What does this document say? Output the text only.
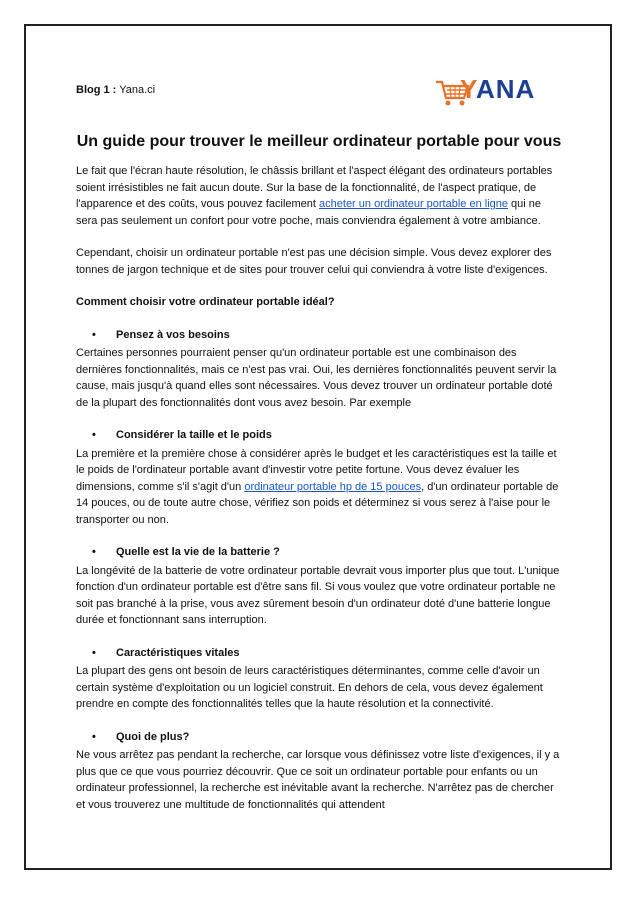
Blog 1 : Yana.ci	YANA
Un guide pour trouver le meilleur ordinateur portable pour vous

Le fait que l'écran haute résolution, le châssis brillant et l'aspect élégant des ordinateurs portables soient irrésistibles ne fait aucun doute. Sur la base de la fonctionnalité, de l'aspect pratique, de l'apparence et des coûts, vous pouvez facilement acheter un ordinateur portable en ligne qui ne sera pas seulement un confort pour votre poche, mais conviendra également à votre ambiance.

Cependant, choisir un ordinateur portable n'est pas une décision simple. Vous devez explorer des tonnes de jargon technique et de sites pour trouver celui qui conviendra à votre liste d'exigences.

Comment choisir votre ordinateur portable idéal?
• Pensez à vos besoins
Certaines personnes pourraient penser qu'un ordinateur portable est une combinaison des dernières fonctionnalités, mais ce n'est pas vrai. Oui, les dernières fonctionnalités peuvent servir la cause, mais jusqu'à quand elles sont nécessaires. Vous devez trouver un ordinateur portable doté de la plupart des fonctionnalités dont vous avez besoin. Par exemple
• Considérer la taille et le poids
La première et la première chose à considérer après le budget et les caractéristiques est la taille et le poids de l'ordinateur portable avant d'investir votre petite fortune. Vous devez évaluer les dimensions, comme s'il s'agit d'un ordinateur portable hp de 15 pouces, d'un ordinateur portable de 14 pouces, ou de toute autre chose, vérifiez son poids et déterminez si vous serez à l'aise pour le transporter ou non.
• Quelle est la vie de la batterie ?
La longévité de la batterie de votre ordinateur portable devrait vous importer plus que tout. L'unique fonction d'un ordinateur portable est d'être sans fil. Si vous voulez que votre ordinateur portable ne soit pas branché à la prise, vous avez sûrement besoin d'un ordinateur doté d'une batterie longue durée et fonctionnant sans interruption.
• Caractéristiques vitales
La plupart des gens ont besoin de leurs caractéristiques déterminantes, comme celle d'avoir un certain système d'exploitation ou un logiciel construit. En dehors de cela, vous devez également prendre en compte des fonctionnalités telles que la haute résolution et la connectivité.
• Quoi de plus?
Ne vous arrêtez pas pendant la recherche, car lorsque vous définissez votre liste d'exigences, il y a plus que ce que vous pourriez découvrir. Que ce soit un ordinateur portable pour enfants ou un ordinateur professionnel, la recherche est inévitable avant la recherche. N'arrêtez pas de chercher et vous trouverez une multitude de fonctionnalités qui attendent
